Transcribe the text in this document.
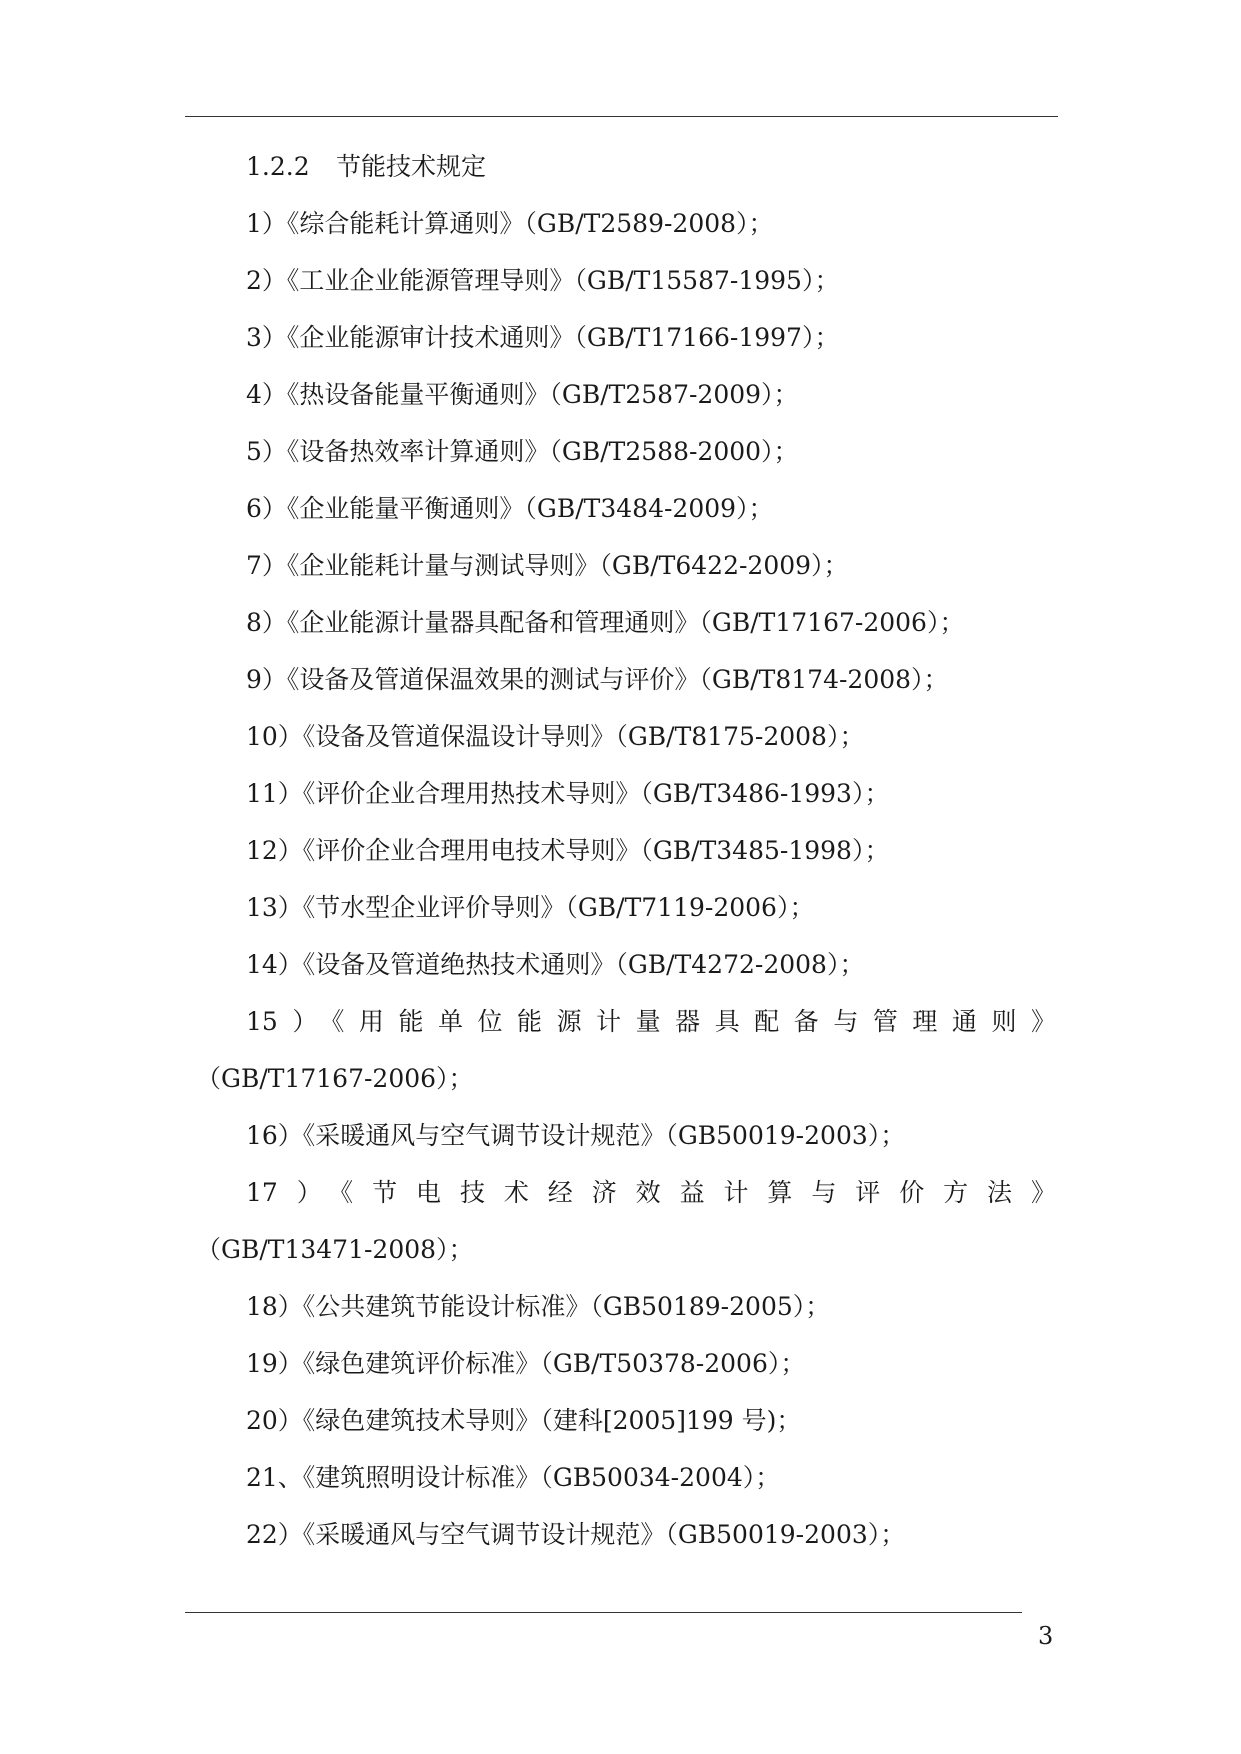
1.2.2 节能技术规定
1）《综合能耗计算通则》（GB/T2589-2008）；
2）《工业企业能源管理导则》（GB/T15587-1995）；
3）《企业能源审计技术通则》（GB/T17166-1997）；
4）《热设备能量平衡通则》（GB/T2587-2009）；
5）《设备热效率计算通则》（GB/T2588-2000）；
6）《企业能量平衡通则》（GB/T3484-2009）；
7）《企业能耗计量与测试导则》（GB/T6422-2009）；
8）《企业能源计量器具配备和管理通则》（GB/T17167-2006）；
9）《设备及管道保温效果的测试与评价》（GB/T8174-2008）；
10）《设备及管道保温设计导则》（GB/T8175-2008）；
11）《评价企业合理用热技术导则》（GB/T3486-1993）；
12）《评价企业合理用电技术导则》（GB/T3485-1998）；
13）《节水型企业评价导则》（GB/T7119-2006）；
14）《设备及管道绝热技术通则》（GB/T4272-2008）；
15）《用能单位能源计量器具配备与管理通则》
（GB/T17167-2006）；
16）《采暖通风与空气调节设计规范》（GB50019-2003）；
17）《节电技术经济效益计算与评价方法》
（GB/T13471-2008）；
18）《公共建筑节能设计标准》（GB50189-2005）；
19）《绿色建筑评价标准》（GB/T50378-2006）；
20）《绿色建筑技术导则》（建科[2005]199 号)；
21、《建筑照明设计标准》（GB50034-2004）；
22）《采暖通风与空气调节设计规范》（GB50019-2003）；
3
